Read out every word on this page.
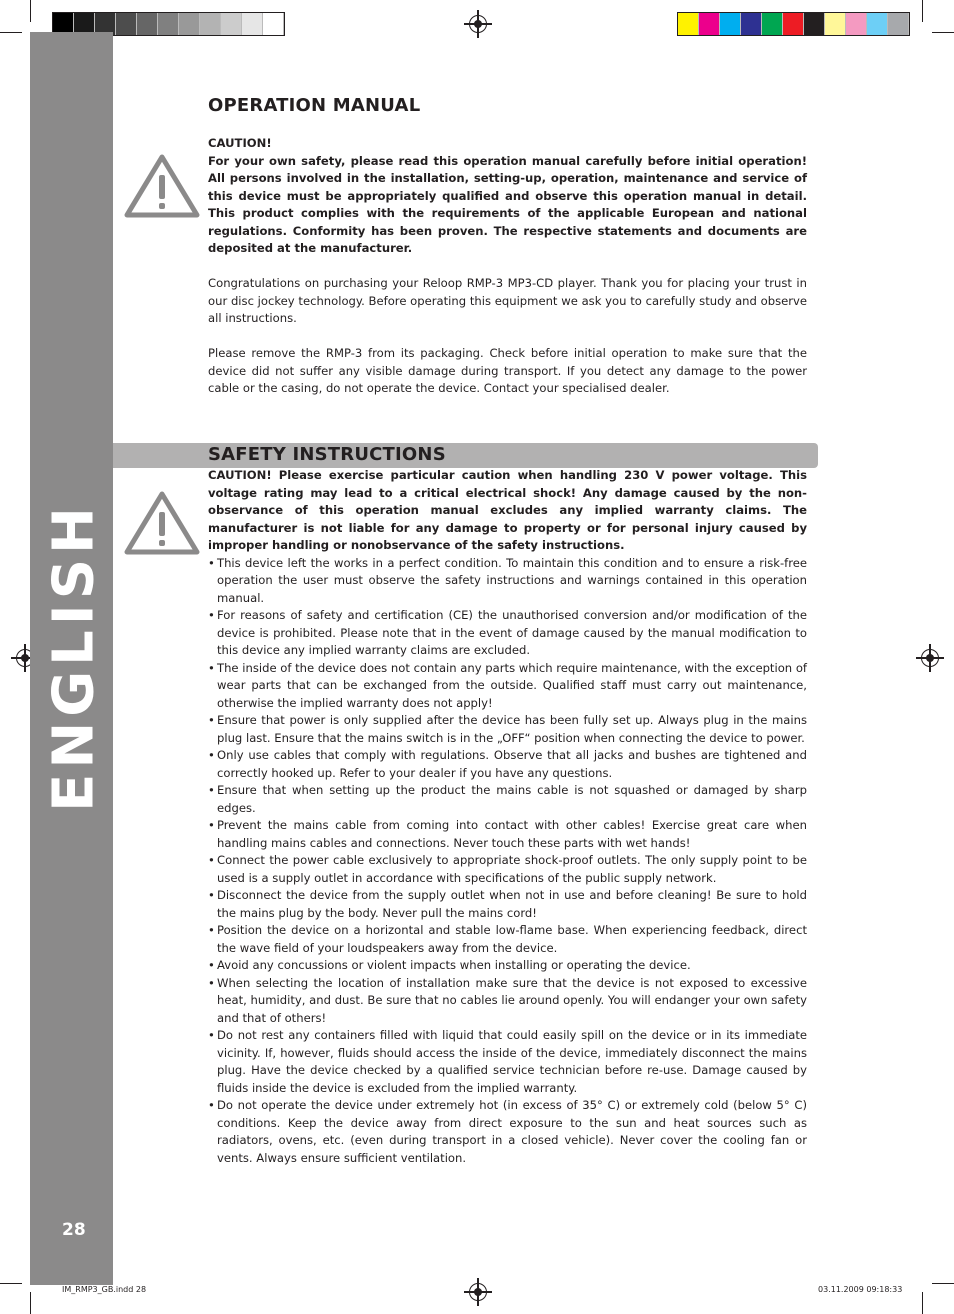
ENGLISH
28
OPERATION MANUAL

CAUTION!

For your own safety, please read this operation manual carefully before initial operation! All persons involved in the installation, setting-up, operation, maintenance and service of this device must be appropriately qualified and observe this operation manual in detail. This product complies with the requirements of the applicable European and national regulations. Conformity has been proven. The respective statements and documents are deposited at the manufacturer.

Congratulations on purchasing your Reloop RMP-3 MP3-CD player. Thank you for placing your trust in our disc jockey technology. Before operating this equipment we ask you to carefully study and observe all instructions.

Please remove the RMP-3 from its packaging. Check before initial operation to make sure that the device did not suffer any visible damage during transport. If you detect any damage to the power cable or the casing, do not operate the device. Contact your specialised dealer.

SAFETY INSTRUCTIONS

CAUTION! Please exercise particular caution when handling 230 V power voltage. This voltage rating may lead to a critical electrical shock! Any damage caused by the non-observance of this operation manual excludes any implied warranty claims. The manufacturer is not liable for any damage to property or for personal injury caused by improper handling or nonobservance of the safety instructions.

• This device left the works in a perfect condition. To maintain this condition and to ensure a risk-free operation the user must observe the safety instructions and warnings contained in this operation manual.
• For reasons of safety and certification (CE) the unauthorised conversion and/or modification of the device is prohibited. Please note that in the event of damage caused by the manual modification to this device any implied warranty claims are excluded.
• The inside of the device does not contain any parts which require maintenance, with the exception of wear parts that can be exchanged from the outside. Qualified staff must carry out maintenance, otherwise the implied warranty does not apply!
• Ensure that power is only supplied after the device has been fully set up. Always plug in the mains plug last. Ensure that the mains switch is in the „OFF“ position when connecting the device to power.
• Only use cables that comply with regulations. Observe that all jacks and bushes are tightened and correctly hooked up. Refer to your dealer if you have any questions.
• Ensure that when setting up the product the mains cable is not squashed or damaged by sharp edges.
• Prevent the mains cable from coming into contact with other cables! Exercise great care when handling mains cables and connections. Never touch these parts with wet hands!
• Connect the power cable exclusively to appropriate shock-proof outlets. The only supply point to be used is a supply outlet in accordance with specifications of the public supply network.
• Disconnect the device from the supply outlet when not in use and before cleaning! Be sure to hold the mains plug by the body. Never pull the mains cord!
• Position the device on a horizontal and stable low-flame base. When experiencing feedback, direct the wave field of your loudspeakers away from the device.
• Avoid any concussions or violent impacts when installing or operating the device.
• When selecting the location of installation make sure that the device is not exposed to excessive heat, humidity, and dust. Be sure that no cables lie around openly. You will endanger your own safety and that of others!
• Do not rest any containers filled with liquid that could easily spill on the device or in its immediate vicinity. If, however, fluids should access the inside of the device, immediately disconnect the mains plug. Have the device checked by a qualified service technician before re-use. Damage caused by fluids inside the device is excluded from the implied warranty.
• Do not operate the device under extremely hot (in excess of 35° C) or extremely cold (below 5° C) conditions. Keep the device away from direct exposure to the sun and heat sources such as radiators, ovens, etc. (even during transport in a closed vehicle). Never cover the cooling fan or vents. Always ensure sufficient ventilation.
IM_RMP3_GB.indd 28	03.11.2009 09:18:33
